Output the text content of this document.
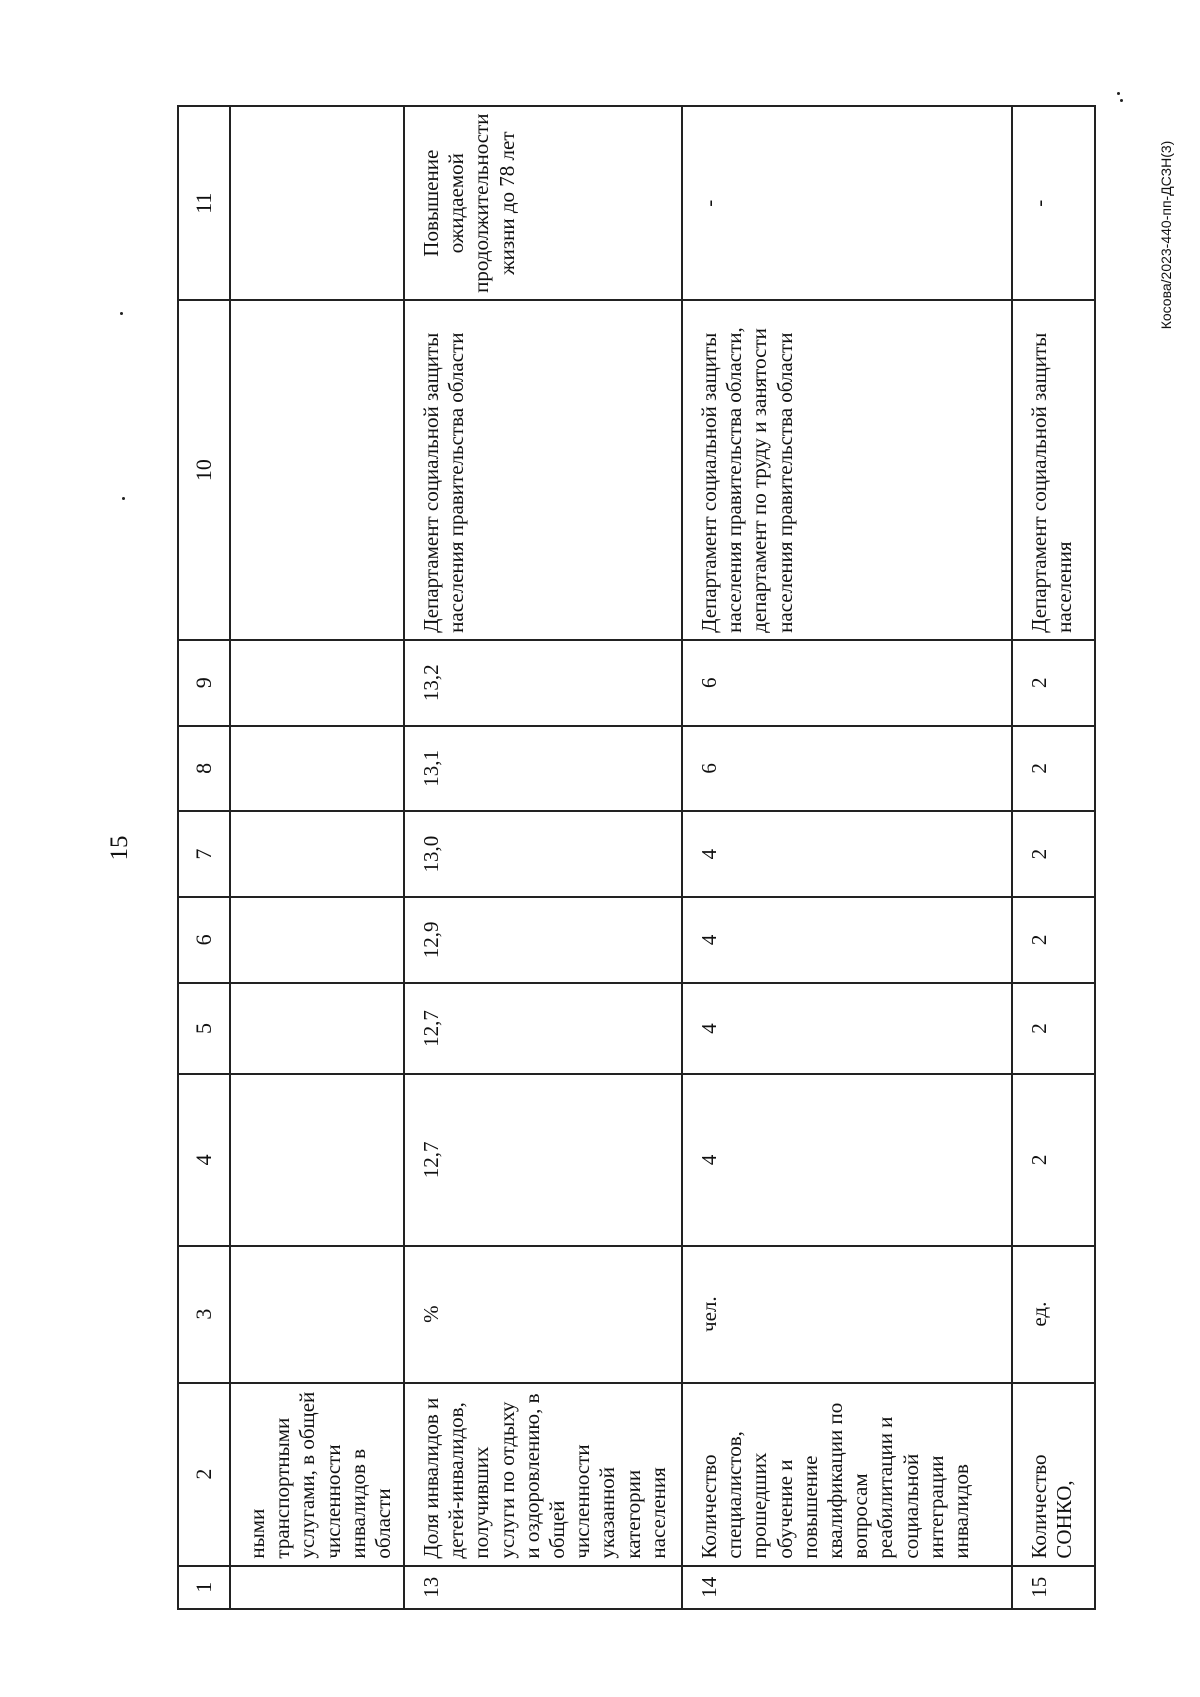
15
Косова/2023-440-пп-ДСЗН(3)
1	2	3	4	5	6	7	8	9	10	11
	ными транспортными услугами, в общей численности инвалидов в области									
13	Доля инвалидов и детей-инвалидов, получивших услуги по отдыху и оздоровлению, в общей численности указанной категории населения	%	12,7	12,7	12,9	13,0	13,1	13,2	Департамент социальной защиты населения правительства области	Повышение ожидаемой продолжительности жизни до 78 лет
14	Количество специалистов, прошедших обучение и повышение квалификации по вопросам реабилитации и социальной интеграции инвалидов	чел.	4	4	4	4	6	6	Департамент социальной защиты населения правительства области, департамент по труду и занятости населения правительства области	-
15	Количество СОНКО,	ед.	2	2	2	2	2	2	Департамент социальной защиты населения	-
